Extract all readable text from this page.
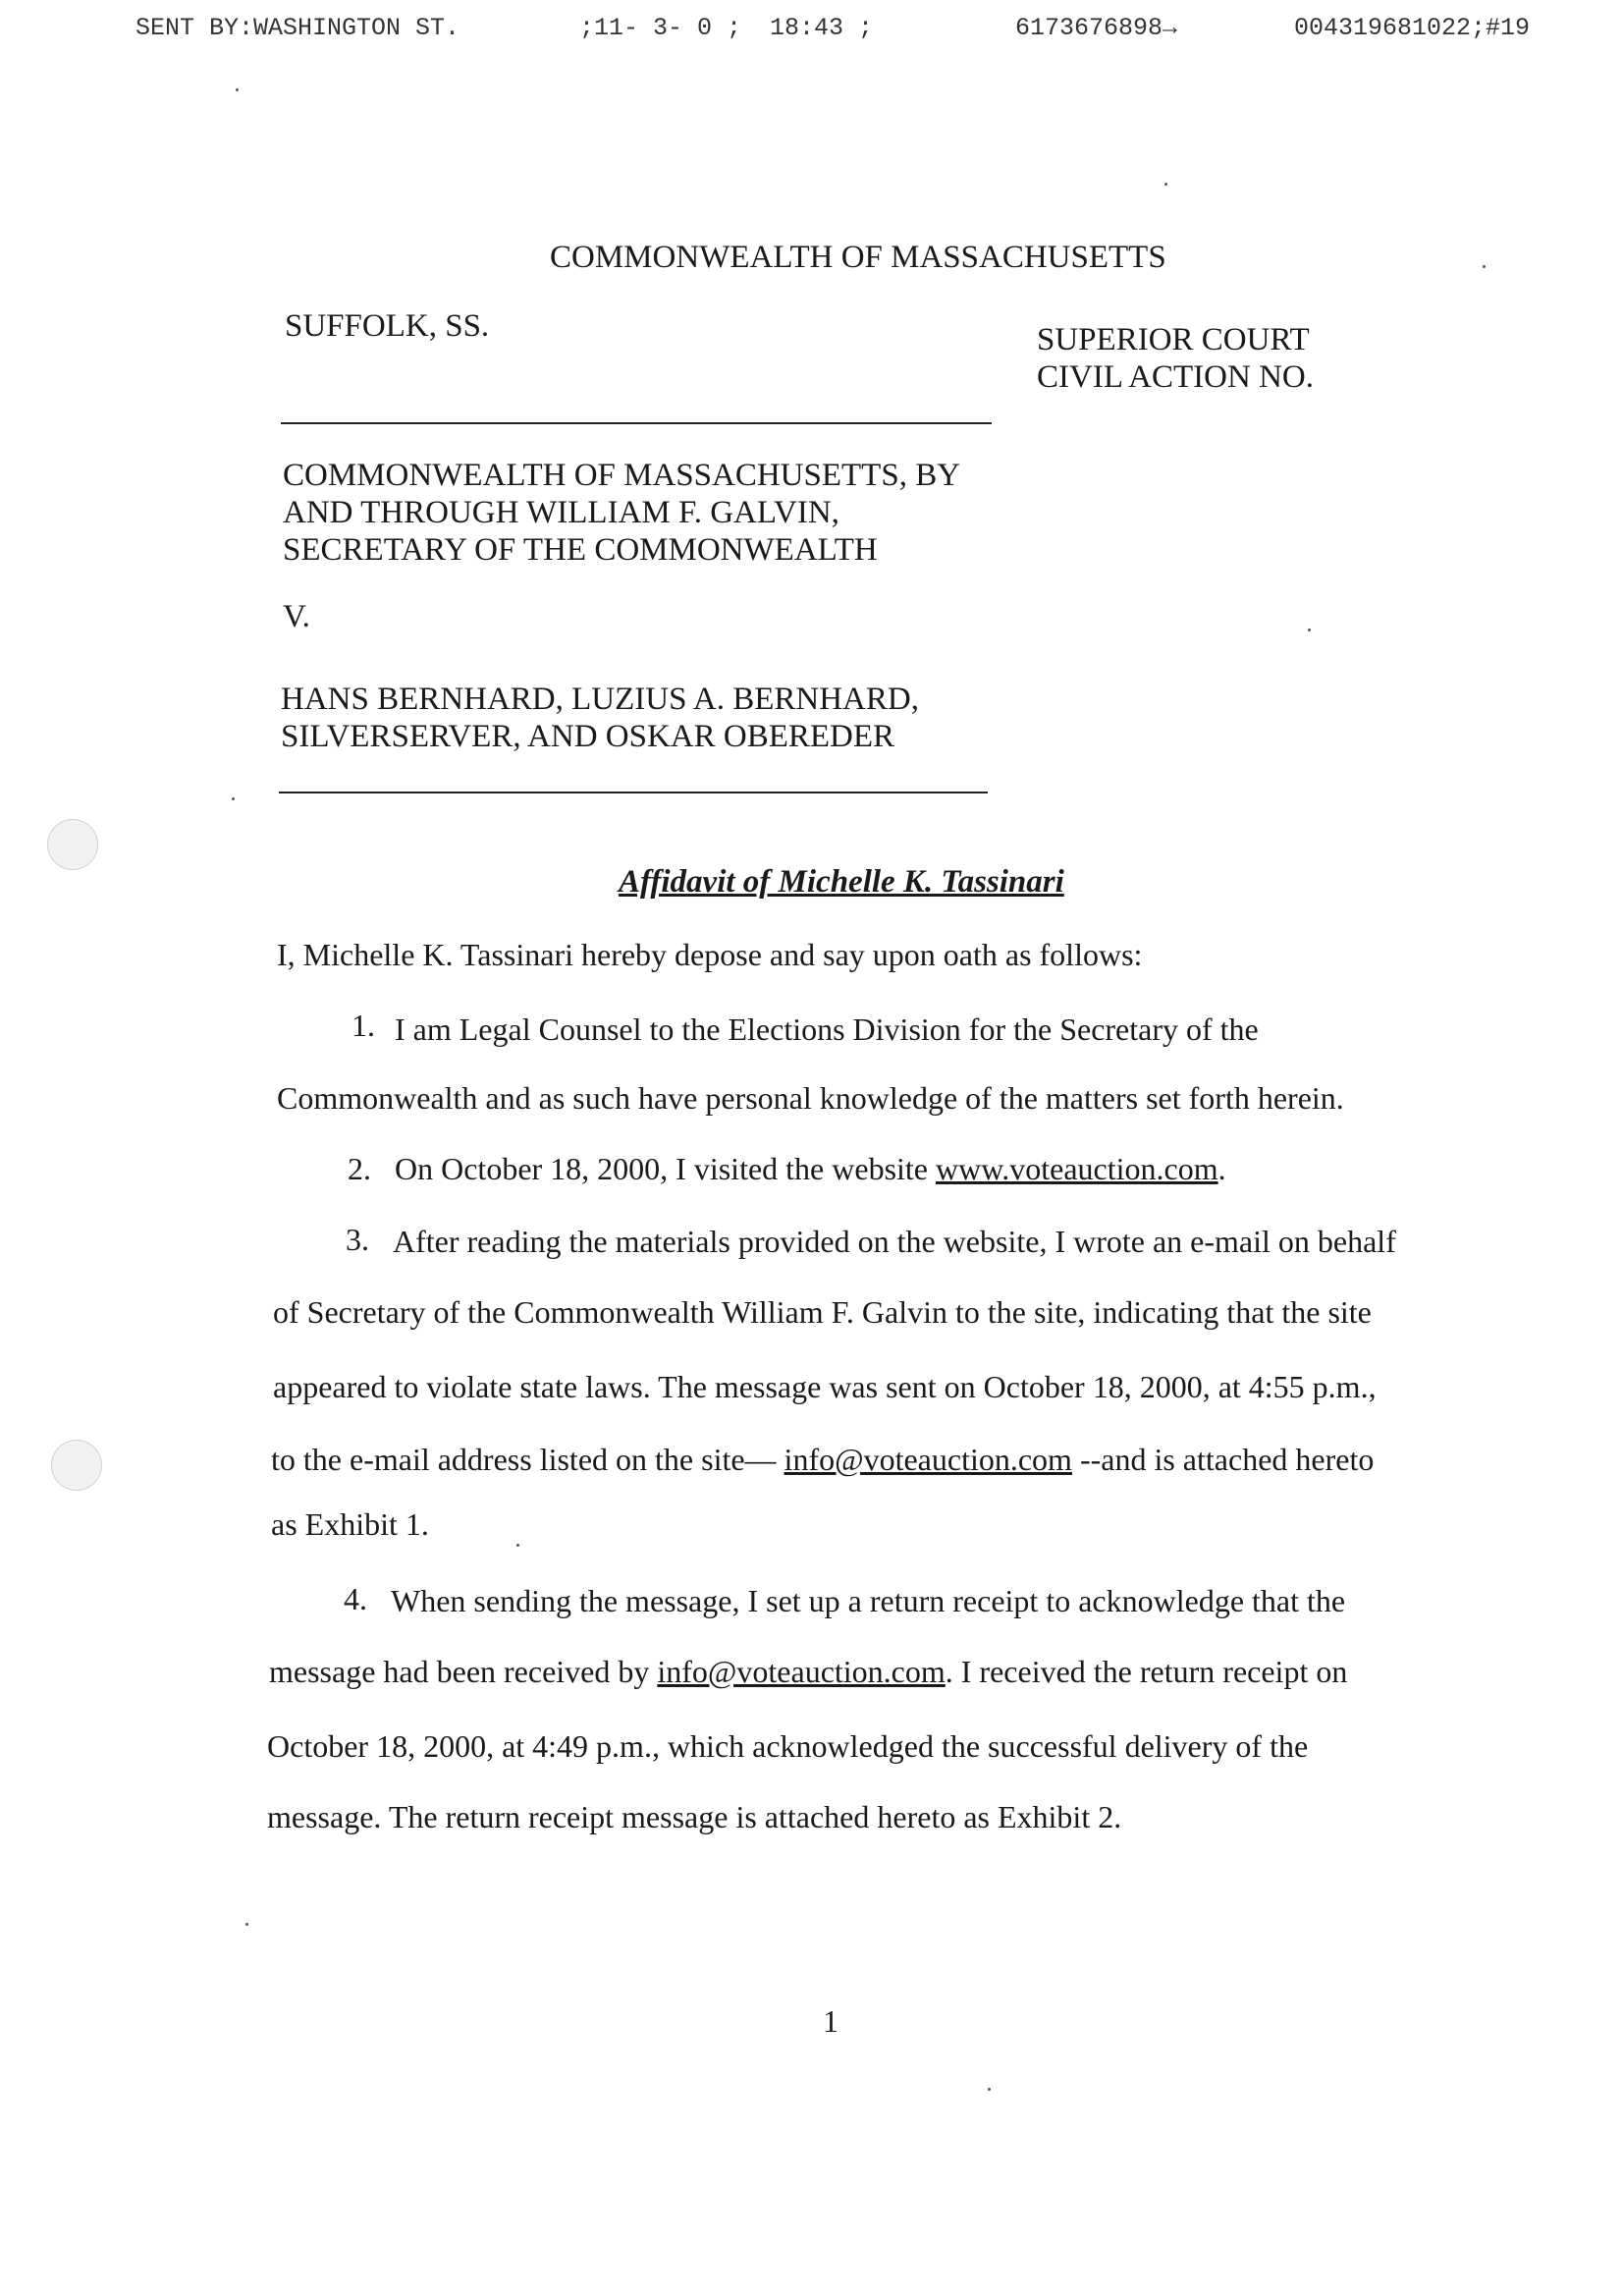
SENT BY:WASHINGTON ST.	;11- 3- 0 ; 18:43 ;	6173676898→	004319681022;#19
COMMONWEALTH OF MASSACHUSETTS
SUFFOLK, SS.	SUPERIOR COURT
CIVIL ACTION NO.
COMMONWEALTH OF MASSACHUSETTS, BY
AND THROUGH WILLIAM F. GALVIN,
SECRETARY OF THE COMMONWEALTH
V.
HANS BERNHARD, LUZIUS A. BERNHARD,
SILVERSERVER, AND OSKAR OBEREDER
Affidavit of Michelle K. Tassinari
I, Michelle K. Tassinari hereby depose and say upon oath as follows:
1. I am Legal Counsel to the Elections Division for the Secretary of the
Commonwealth and as such have personal knowledge of the matters set forth herein.
2. On October 18, 2000, I visited the website www.voteauction.com.
3. After reading the materials provided on the website, I wrote an e-mail on behalf
of Secretary of the Commonwealth William F. Galvin to the site, indicating that the site
appeared to violate state laws. The message was sent on October 18, 2000, at 4:55 p.m.,
to the e-mail address listed on the site— info@voteauction.com --and is attached hereto
as Exhibit 1.
4. When sending the message, I set up a return receipt to acknowledge that the
message had been received by info@voteauction.com. I received the return receipt on
October 18, 2000, at 4:49 p.m., which acknowledged the successful delivery of the
message. The return receipt message is attached hereto as Exhibit 2.
1
